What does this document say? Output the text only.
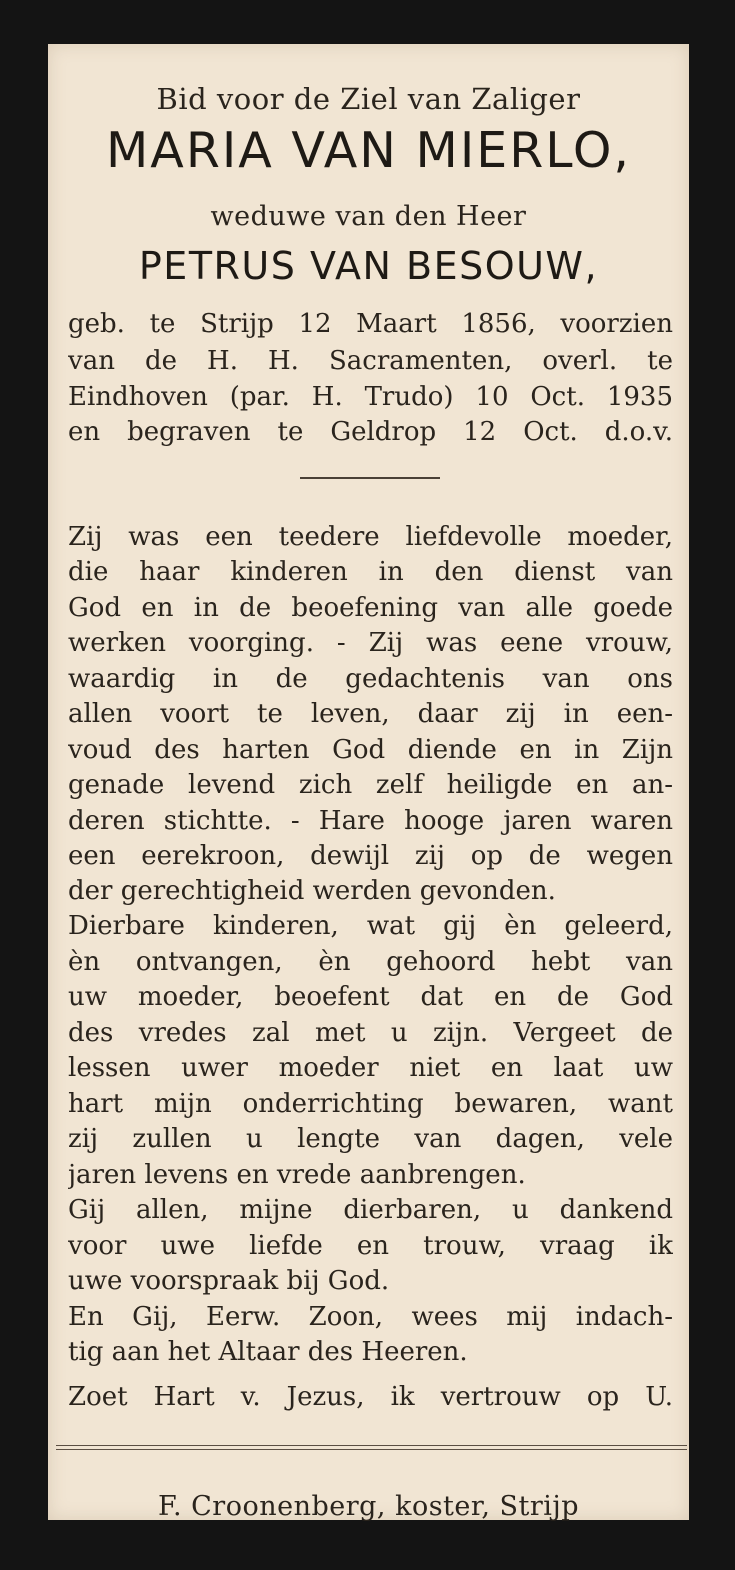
Bid voor de Ziel van Zaliger

MARIA VAN MIERLO,

weduwe van den Heer

PETRUS VAN BESOUW,

geb. te Strijp 12 Maart 1856, voorzien

van de H. H. Sacramenten, overl. te

Eindhoven (par. H. Trudo) 10 Oct. 1935

en begraven te Geldrop 12 Oct. d.o.v.

Zij was een teedere liefdevolle moeder,

die haar kinderen in den dienst van

God en in de beoefening van alle goede

werken voorging. - Zij was eene vrouw,

waardig in de gedachtenis van ons

allen voort te leven, daar zij in een-

voud des harten God diende en in Zijn

genade levend zich zelf heiligde en an-

deren stichtte. - Hare hooge jaren waren

een eerekroon, dewijl zij op de wegen

der gerechtigheid werden gevonden.

Dierbare kinderen, wat gij èn geleerd,

èn ontvangen, èn gehoord hebt van

uw moeder, beoefent dat en de God

des vredes zal met u zijn. Vergeet de

lessen uwer moeder niet en laat uw

hart mijn onderrichting bewaren, want

zij zullen u lengte van dagen, vele

jaren levens en vrede aanbrengen.

Gij allen, mijne dierbaren, u dankend

voor uwe liefde en trouw, vraag ik

uwe voorspraak bij God.

En Gij, Eerw. Zoon, wees mij indach-

tig aan het Altaar des Heeren.

Zoet Hart v. Jezus, ik vertrouw op U.

F. Croonenberg, koster, Strijp
